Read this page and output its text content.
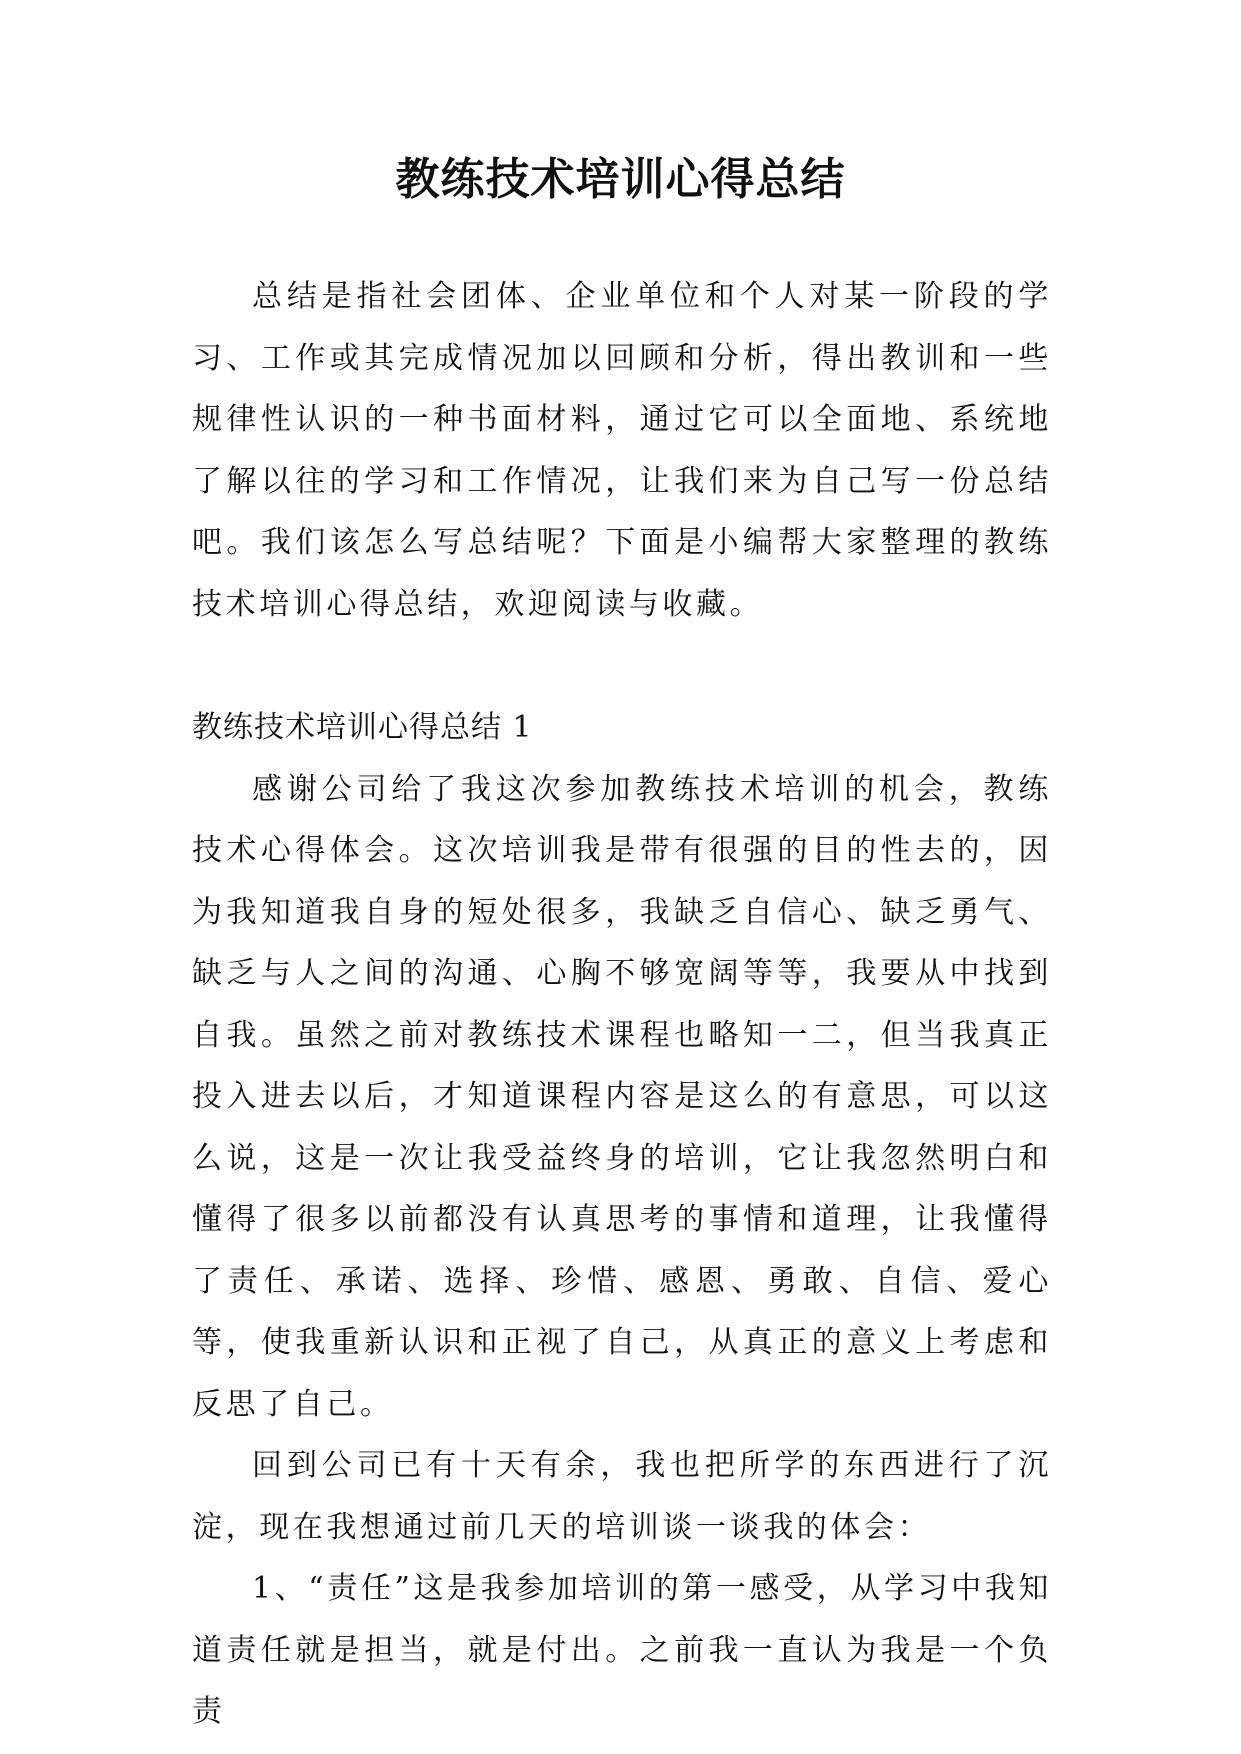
教练技术培训心得总结

总结是指社会团体、企业单位和个人对某一阶段的学习、工作或其完成情况加以回顾和分析，得出教训和一些规律性认识的一种书面材料，通过它可以全面地、系统地了解以往的学习和工作情况，让我们来为自己写一份总结吧。我们该怎么写总结呢？下面是小编帮大家整理的教练技术培训心得总结，欢迎阅读与收藏。

教练技术培训心得总结 1

感谢公司给了我这次参加教练技术培训的机会，教练技术心得体会。这次培训我是带有很强的目的性去的，因为我知道我自身的短处很多，我缺乏自信心、缺乏勇气、缺乏与人之间的沟通、心胸不够宽阔等等，我要从中找到自我。虽然之前对教练技术课程也略知一二，但当我真正投入进去以后，才知道课程内容是这么的有意思，可以这么说，这是一次让我受益终身的培训，它让我忽然明白和懂得了很多以前都没有认真思考的事情和道理，让我懂得了责任、承诺、选择、珍惜、感恩、勇敢、自信、爱心等，使我重新认识和正视了自己，从真正的意义上考虑和反思了自己。

回到公司已有十天有余，我也把所学的东西进行了沉淀，现在我想通过前几天的培训谈一谈我的体会：

1、“责任”这是我参加培训的第一感受，从学习中我知道责任就是担当，就是付出。之前我一直认为我是一个负责
